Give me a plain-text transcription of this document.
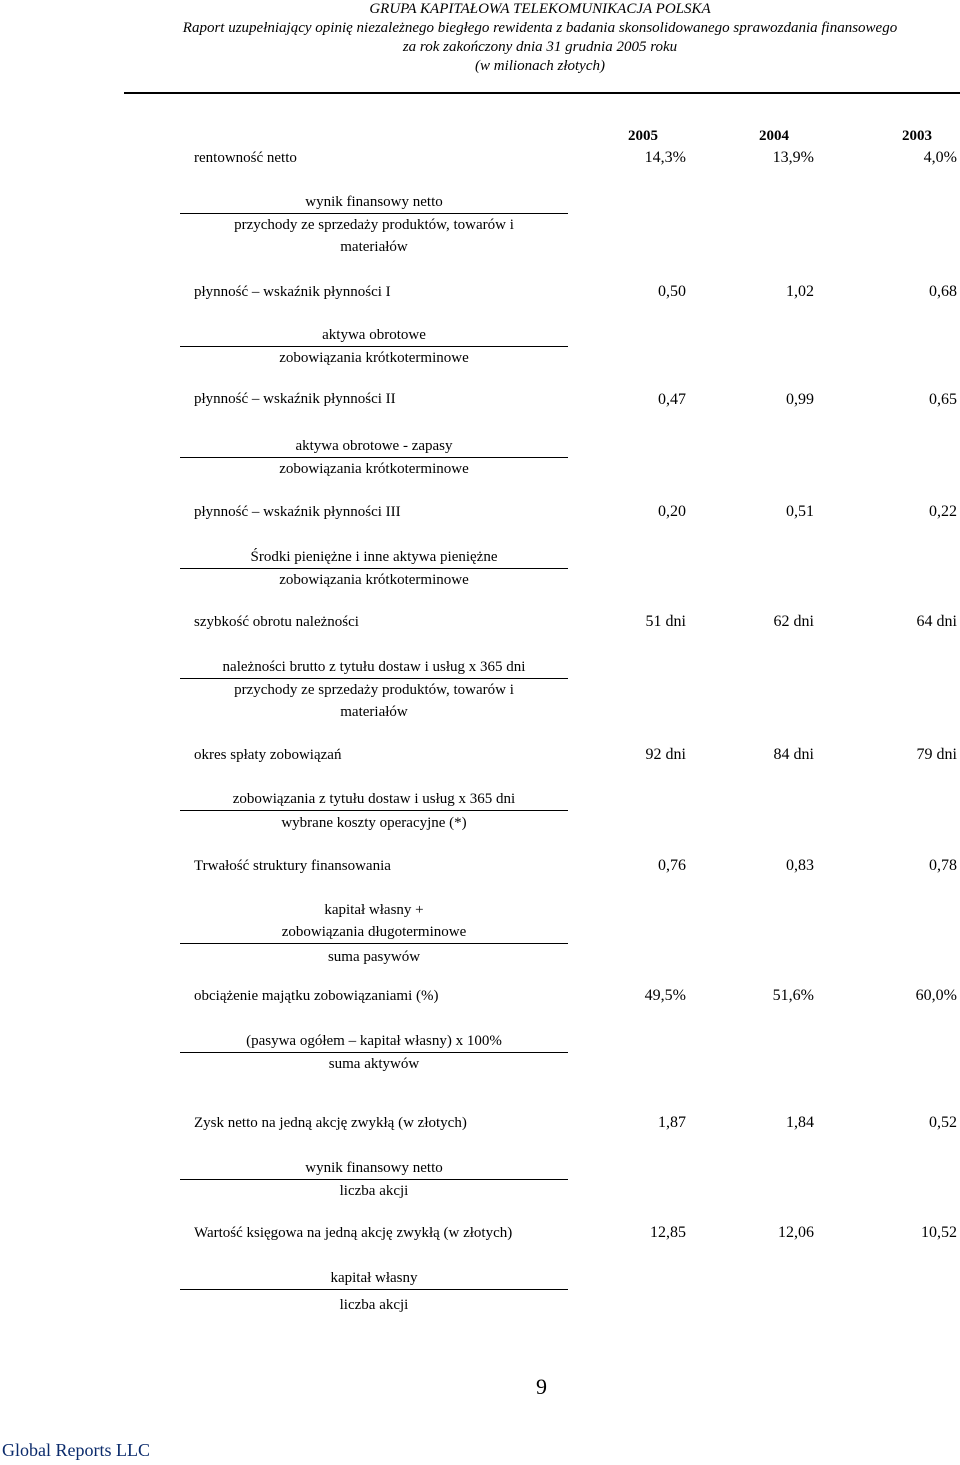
GRUPA KAPITAŁOWA TELEKOMUNIKACJA POLSKA
Raport uzupełniający opinię niezależnego biegłego rewidenta z badania skonsolidowanego sprawozdania finansowego
za rok zakończony dnia 31 grudnia 2005 roku
(w milionach złotych)
2005	2004	2003
rentowność netto	14,3%	13,9%	4,0%
wynik finansowy netto
przychody ze sprzedaży produktów, towarów i
materiałów
płynność – wskaźnik płynności I	0,50	1,02	0,68
aktywa obrotowe
zobowiązania krótkoterminowe
płynność – wskaźnik płynności II	0,47	0,99	0,65
aktywa obrotowe - zapasy
zobowiązania krótkoterminowe
płynność – wskaźnik płynności III	0,20	0,51	0,22
Środki pieniężne i inne aktywa pieniężne
zobowiązania krótkoterminowe
szybkość obrotu należności	51 dni	62 dni	64 dni
należności brutto z tytułu dostaw i usług x 365 dni
przychody ze sprzedaży produktów, towarów i
materiałów
okres spłaty zobowiązań	92 dni	84 dni	79 dni
zobowiązania z tytułu dostaw i usług x 365 dni
wybrane koszty operacyjne (*)
Trwałość struktury finansowania	0,76	0,83	0,78
kapitał własny +
zobowiązania długoterminowe
suma pasywów
obciążenie majątku zobowiązaniami (%)	49,5%	51,6%	60,0%
(pasywa ogółem – kapitał własny) x 100%
suma aktywów
Zysk netto na jedną akcję zwykłą (w złotych)	1,87	1,84	0,52
wynik finansowy netto
liczba akcji
Wartość księgowa na jedną akcję zwykłą (w złotych)	12,85	12,06	10,52
kapitał własny
liczba akcji
9
Global Reports LLC
